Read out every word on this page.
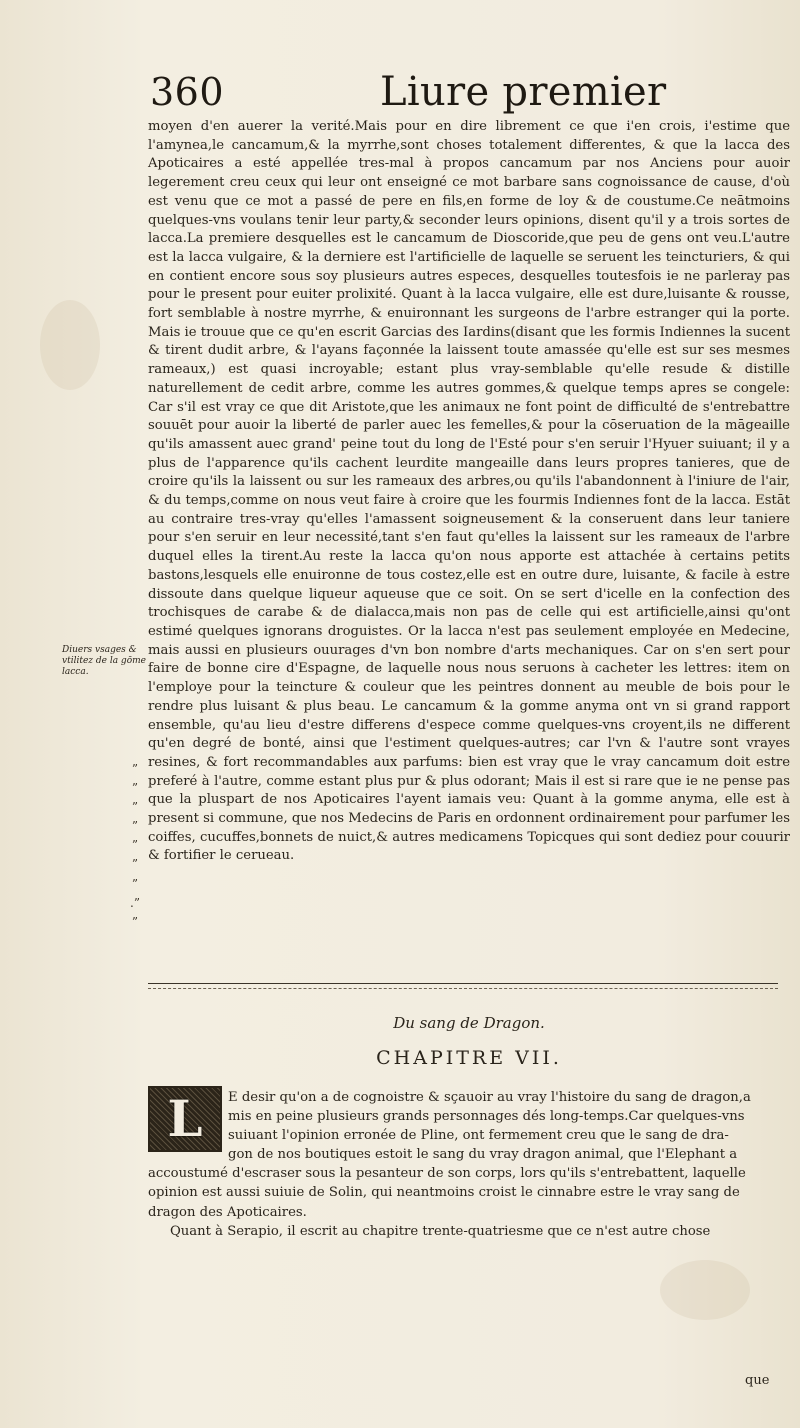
360	Liure premier

moyen d'en auerer la verité.Mais pour en dire librement ce que i'en crois, i'estime que l'amynea,le cancamum,& la myrrhe,sont choses totalement differentes, & que la lacca des Apoticaires a esté appellée tres-mal à propos cancamum par nos Anciens pour auoir legerement creu ceux qui leur ont enseigné ce mot barbare sans cognoissance de cause, d'où est venu que ce mot a passé de pere en fils,en forme de loy & de coustume.Ce neātmoins quelques-vns voulans tenir leur party,& seconder leurs opinions, disent qu'il y a trois sortes de lacca.La premiere desquelles est le cancamum de Dioscoride,que peu de gens ont veu.L'autre est la lacca vulgaire, & la derniere est l'artificielle de laquelle se seruent les teincturiers, & qui en contient encore sous soy plusieurs autres especes, desquelles toutesfois ie ne parleray pas pour le present pour euiter prolixité. Quant à la lacca vulgaire, elle est dure,luisante & rousse, fort semblable à nostre myrrhe, & enuironnant les surgeons de l'arbre estranger qui la porte. Mais ie trouue que ce qu'en escrit Garcias des Iardins(disant que les formis Indiennes la sucent & tirent dudit arbre, & l'ayans façonnée la laissent toute amassée qu'elle est sur ses mesmes rameaux,) est quasi incroyable; estant plus vray-semblable qu'elle resude & distille naturellement de cedit arbre, comme les autres gommes,& quelque temps apres se congele: Car s'il est vray ce que dit Aristote,que les animaux ne font point de difficulté de s'entrebattre souuēt pour auoir la liberté de parler auec les femelles,& pour la cōseruation de la māgeaille qu'ils amassent auec grand' peine tout du long de l'Esté pour s'en seruir l'Hyuer suiuant; il y a plus de l'apparence qu'ils cachent leurdite mangeaille dans leurs propres tanieres, que de croire qu'ils la laissent ou sur les rameaux des arbres,ou qu'ils l'abandonnent à l'iniure de l'air, & du temps,comme on nous veut faire à croire que les fourmis Indiennes font de la lacca. Estāt au contraire tres-vray qu'elles l'amassent soigneusement & la conseruent dans leur taniere pour s'en seruir en leur necessité,tant s'en faut qu'elles la laissent sur les rameaux de l'arbre duquel elles la tirent.Au reste la lacca qu'on nous apporte est attachée à certains petits bastons,lesquels elle enuironne de tous costez,elle est en outre dure, luisante, & facile à estre dissoute dans quelque liqueur aqueuse que ce soit. On se sert d'icelle en la confection des trochisques de carabe & de dialacca,mais non pas de celle qui est artificielle,ainsi qu'ont estimé quelques ignorans droguistes. Or la lacca n'est pas seulement employée en Medecine, mais aussi en plusieurs ouurages d'vn bon nombre d'arts mechaniques. Car on s'en sert pour faire de bonne cire d'Espagne, de laquelle nous nous seruons à cacheter les lettres: item on l'employe pour la teincture & couleur que les peintres donnent au meuble de bois pour le rendre plus luisant & plus beau. Le cancamum & la gomme anyma ont vn si grand rapport ensemble, qu'au lieu d'estre differens d'espece comme quelques-vns croyent,ils ne different qu'en degré de bonté, ainsi que l'estiment quelques-autres; car l'vn & l'autre sont vrayes resines, & fort recommandables aux parfums: bien est vray que le vray cancamum doit estre preferé à l'autre, comme estant plus pur & plus odorant; Mais il est si rare que ie ne pense pas que la pluspart de nos Apoticaires l'ayent iamais veu: Quant à la gomme anyma, elle est à present si commune, que nos Medecins de Paris en ordonnent ordinairement pour parfumer les coiffes, cucuffes,bonnets de nuict,& autres medicamens Topicques qui sont dediez pour couurir & fortifier le cerueau.

Diuers vsages & vtilitez de la gōme lacca.
”
”
”
”
”
”
”
.”
”
Du sang de Dragon.
CHAPITRE VII.
L	E desir qu'on a de cognoistre & sçauoir au vray l'histoire du sang de dragon,a
mis en peine plusieurs grands personnages dés long-temps.Car quelques-vns
suiuant l'opinion erronée de Pline, ont fermement creu que le sang de dra-
gon de nos boutiques estoit le sang du vray dragon animal, que l'Elephant a
accoustumé d'escraser sous la pesanteur de son corps, lors qu'ils s'entrebattent, laquelle
opinion est aussi suiuie de Solin, qui neantmoins croist le cinnabre estre le vray sang de
dragon des Apoticaires.
Quant à Serapio, il escrit au chapitre trente-quatriesme que ce n'est autre chose
que
